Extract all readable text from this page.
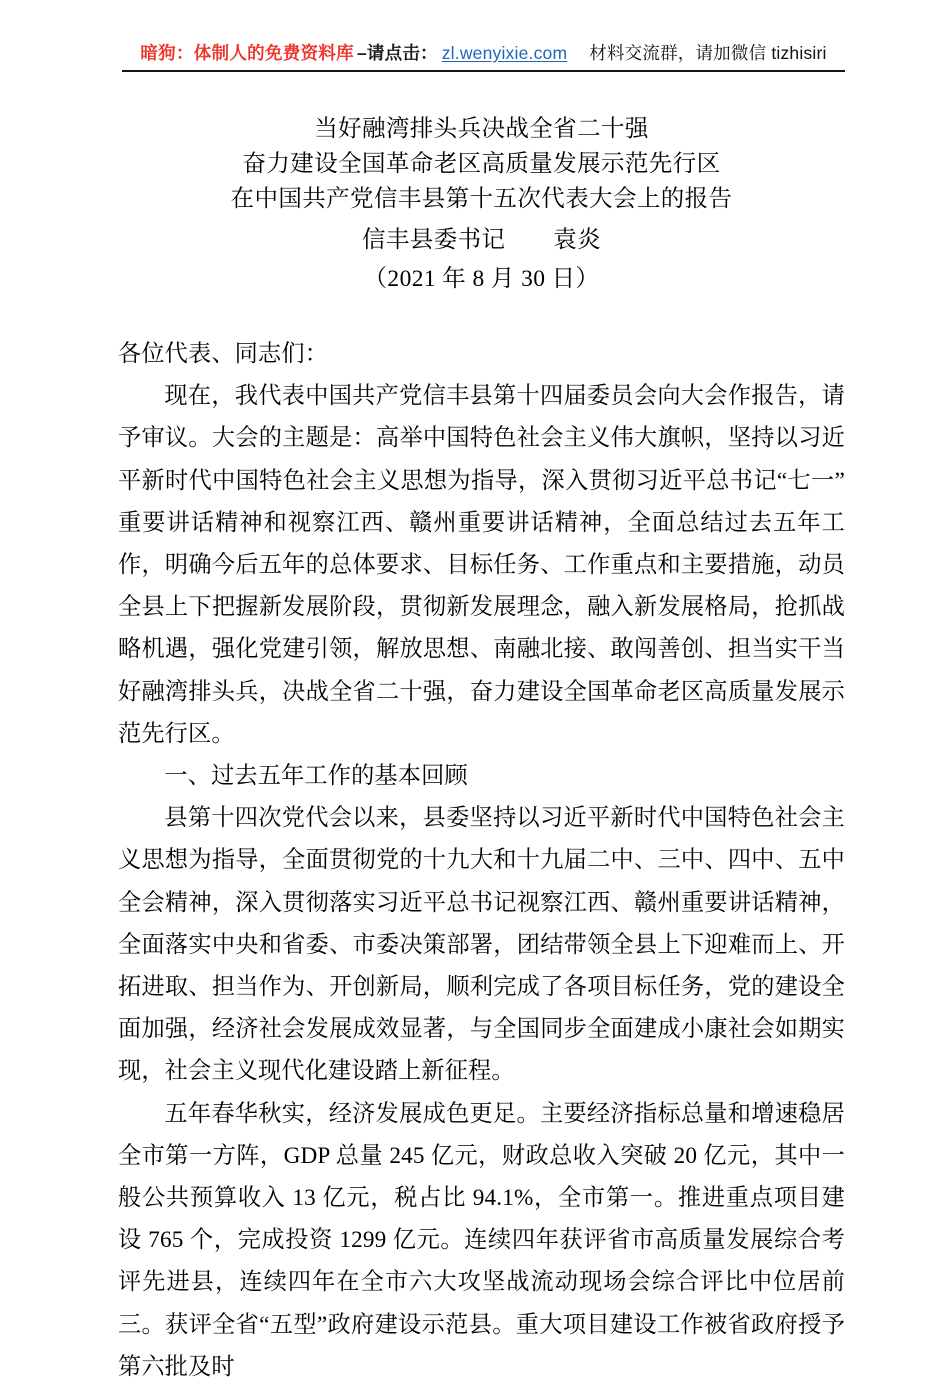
暗狗：体制人的免费资料库 –请点击： zl.wenyixie.com 材料交流群，请加微信 tizhisiri
当好融湾排头兵决战全省二十强
奋力建设全国革命老区高质量发展示范先行区
在中国共产党信丰县第十五次代表大会上的报告
信丰县委书记　　袁炎
（2021 年 8 月 30 日）

各位代表、同志们：

现在，我代表中国共产党信丰县第十四届委员会向大会作报告，请予审议。大会的主题是：高举中国特色社会主义伟大旗帜，坚持以习近平新时代中国特色社会主义思想为指导，深入贯彻习近平总书记“七一”重要讲话精神和视察江西、赣州重要讲话精神，全面总结过去五年工作，明确今后五年的总体要求、目标任务、工作重点和主要措施，动员全县上下把握新发展阶段，贯彻新发展理念，融入新发展格局，抢抓战略机遇，强化党建引领，解放思想、南融北接、敢闯善创、担当实干当好融湾排头兵，决战全省二十强，奋力建设全国革命老区高质量发展示范先行区。

一、过去五年工作的基本回顾

县第十四次党代会以来，县委坚持以习近平新时代中国特色社会主义思想为指导，全面贯彻党的十九大和十九届二中、三中、四中、五中全会精神，深入贯彻落实习近平总书记视察江西、赣州重要讲话精神，全面落实中央和省委、市委决策部署，团结带领全县上下迎难而上、开拓进取、担当作为、开创新局，顺利完成了各项目标任务，党的建设全面加强，经济社会发展成效显著，与全国同步全面建成小康社会如期实现，社会主义现代化建设踏上新征程。

五年春华秋实，经济发展成色更足。主要经济指标总量和增速稳居全市第一方阵，GDP 总量 245 亿元，财政总收入突破 20 亿元，其中一般公共预算收入 13 亿元，税占比 94.1%，全市第一。推进重点项目建设 765 个，完成投资 1299 亿元。连续四年获评省市高质量发展综合考评先进县，连续四年在全市六大攻坚战流动现场会综合评比中位居前三。获评全省“五型”政府建设示范县。重大项目建设工作被省政府授予第六批及时
